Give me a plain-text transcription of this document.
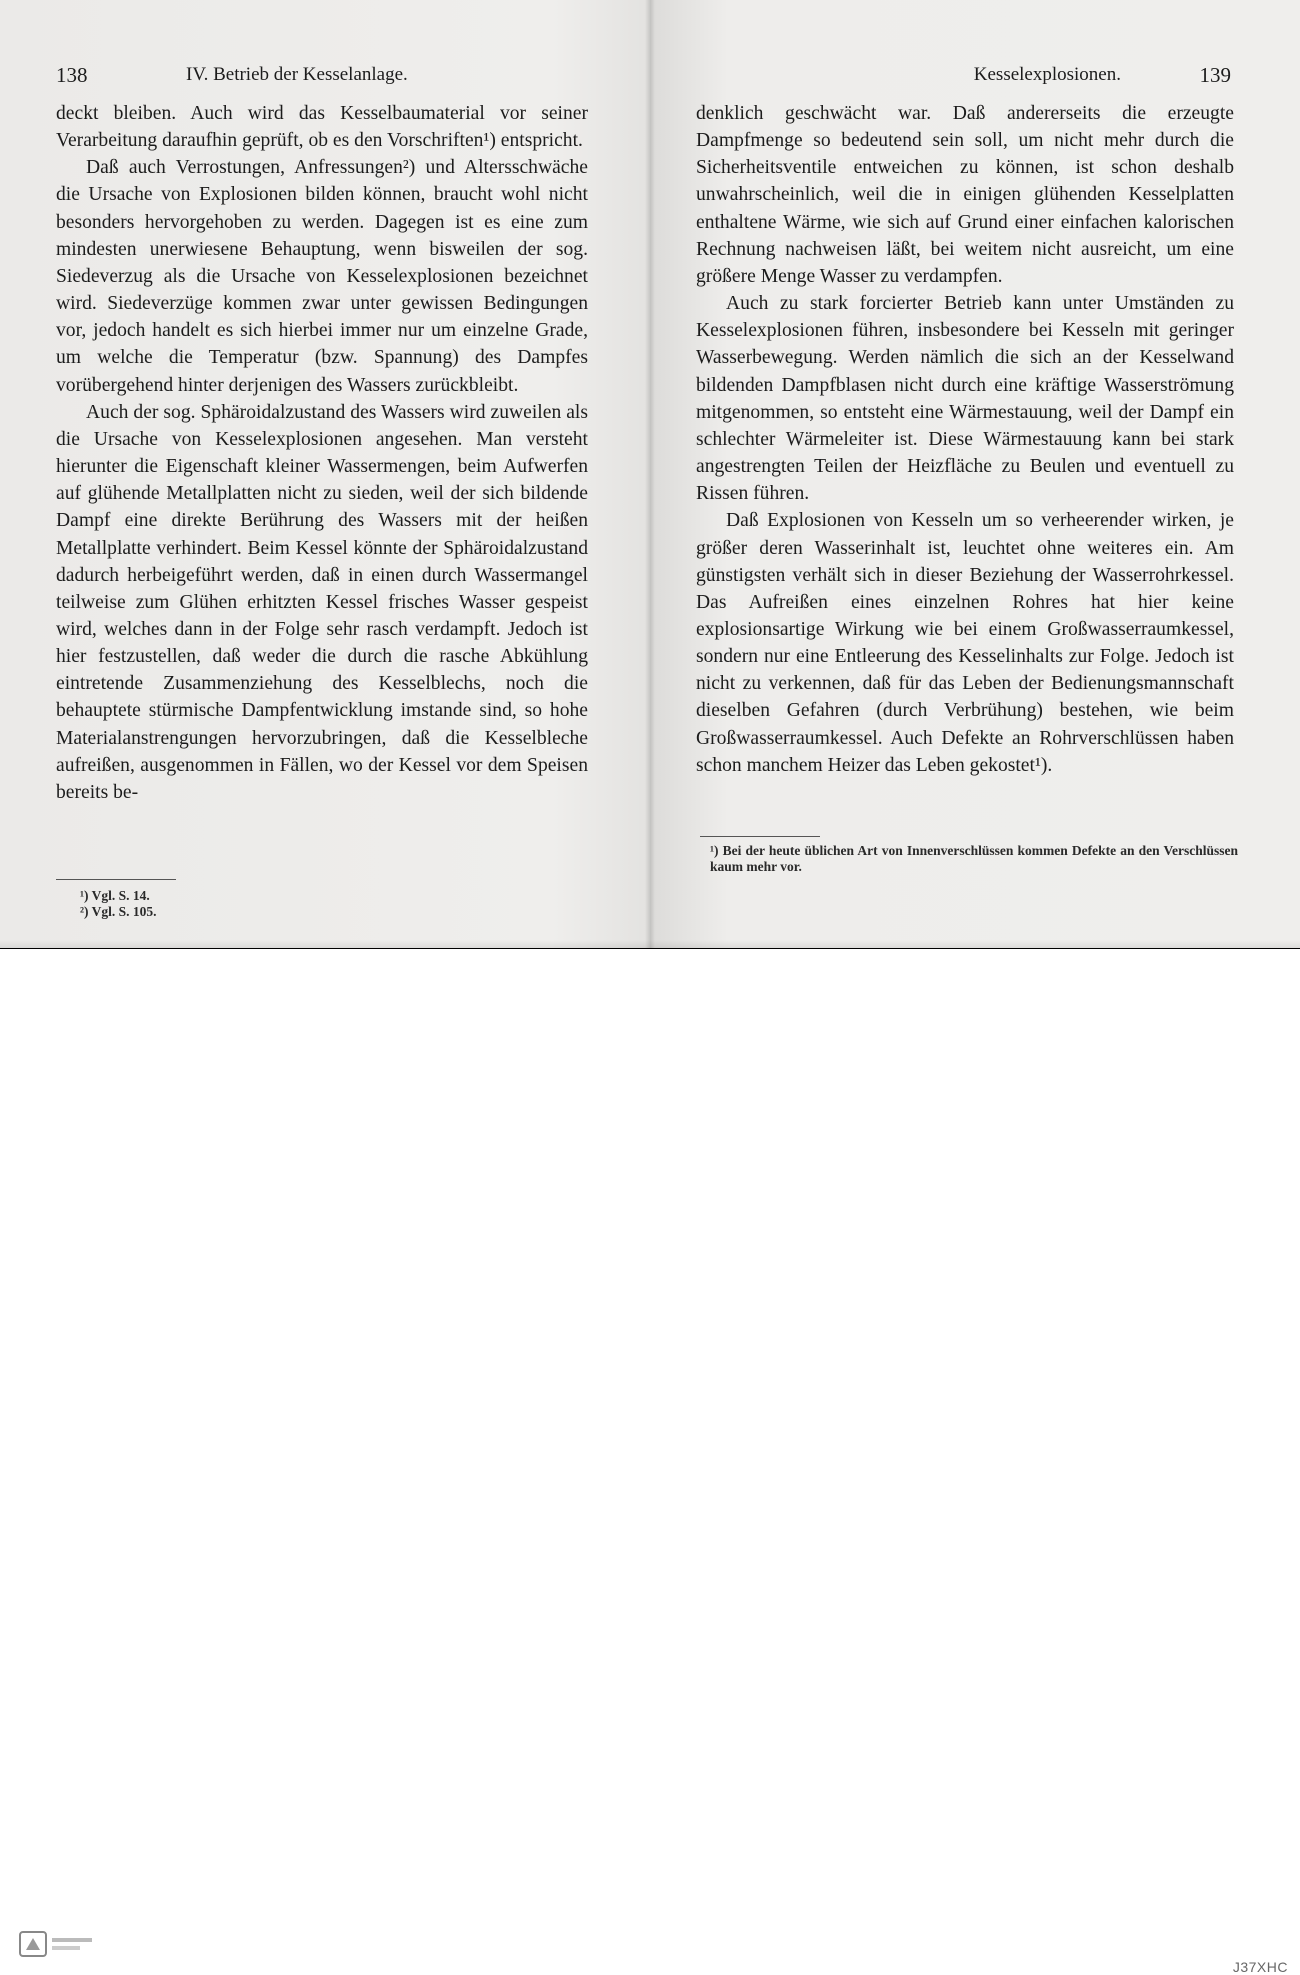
138	IV. Betrieb der Kesselanlage.

deckt bleiben. Auch wird das Kesselbaumaterial vor seiner Verarbeitung daraufhin geprüft, ob es den Vorschriften¹) entspricht.

Daß auch Verrostungen, Anfressungen²) und Altersschwäche die Ursache von Explosionen bilden können, braucht wohl nicht besonders hervorgehoben zu werden. Dagegen ist es eine zum mindesten unerwiesene Behauptung, wenn bisweilen der sog. Siedeverzug als die Ursache von Kesselexplosionen bezeichnet wird. Siedeverzüge kommen zwar unter gewissen Bedingungen vor, jedoch handelt es sich hierbei immer nur um einzelne Grade, um welche die Temperatur (bzw. Spannung) des Dampfes vorübergehend hinter derjenigen des Wassers zurückbleibt.

Auch der sog. Sphäroidalzustand des Wassers wird zuweilen als die Ursache von Kesselexplosionen angesehen. Man versteht hierunter die Eigenschaft kleiner Wassermengen, beim Aufwerfen auf glühende Metallplatten nicht zu sieden, weil der sich bildende Dampf eine direkte Berührung des Wassers mit der heißen Metallplatte verhindert. Beim Kessel könnte der Sphäroidalzustand dadurch herbeigeführt werden, daß in einen durch Wassermangel teilweise zum Glühen erhitzten Kessel frisches Wasser gespeist wird, welches dann in der Folge sehr rasch verdampft. Jedoch ist hier festzustellen, daß weder die durch die rasche Abkühlung eintretende Zusammenziehung des Kesselblechs, noch die behauptete stürmische Dampfentwicklung imstande sind, so hohe Materialanstrengungen hervorzubringen, daß die Kesselbleche aufreißen, ausgenommen in Fällen, wo der Kessel vor dem Speisen bereits be-

¹) Vgl. S. 14.
²) Vgl. S. 105.
Kesselexplosionen.	139

denklich geschwächt war. Daß andererseits die erzeugte Dampfmenge so bedeutend sein soll, um nicht mehr durch die Sicherheitsventile entweichen zu können, ist schon deshalb unwahrscheinlich, weil die in einigen glühenden Kesselplatten enthaltene Wärme, wie sich auf Grund einer einfachen kalorischen Rechnung nachweisen läßt, bei weitem nicht ausreicht, um eine größere Menge Wasser zu verdampfen.

Auch zu stark forcierter Betrieb kann unter Umständen zu Kesselexplosionen führen, insbesondere bei Kesseln mit geringer Wasserbewegung. Werden nämlich die sich an der Kesselwand bildenden Dampfblasen nicht durch eine kräftige Wasserströmung mitgenommen, so entsteht eine Wärmestauung, weil der Dampf ein schlechter Wärmeleiter ist. Diese Wärmestauung kann bei stark angestrengten Teilen der Heizfläche zu Beulen und eventuell zu Rissen führen.

Daß Explosionen von Kesseln um so verheerender wirken, je größer deren Wasserinhalt ist, leuchtet ohne weiteres ein. Am günstigsten verhält sich in dieser Beziehung der Wasserrohrkessel. Das Aufreißen eines einzelnen Rohres hat hier keine explosionsartige Wirkung wie bei einem Großwasserraumkessel, sondern nur eine Entleerung des Kesselinhalts zur Folge. Jedoch ist nicht zu verkennen, daß für das Leben der Bedienungsmannschaft dieselben Gefahren (durch Verbrühung) bestehen, wie beim Großwasserraumkessel. Auch Defekte an Rohrverschlüssen haben schon manchem Heizer das Leben gekostet¹).

¹) Bei der heute üblichen Art von Innenverschlüssen kommen Defekte an den Verschlüssen kaum mehr vor.
J37XHC
